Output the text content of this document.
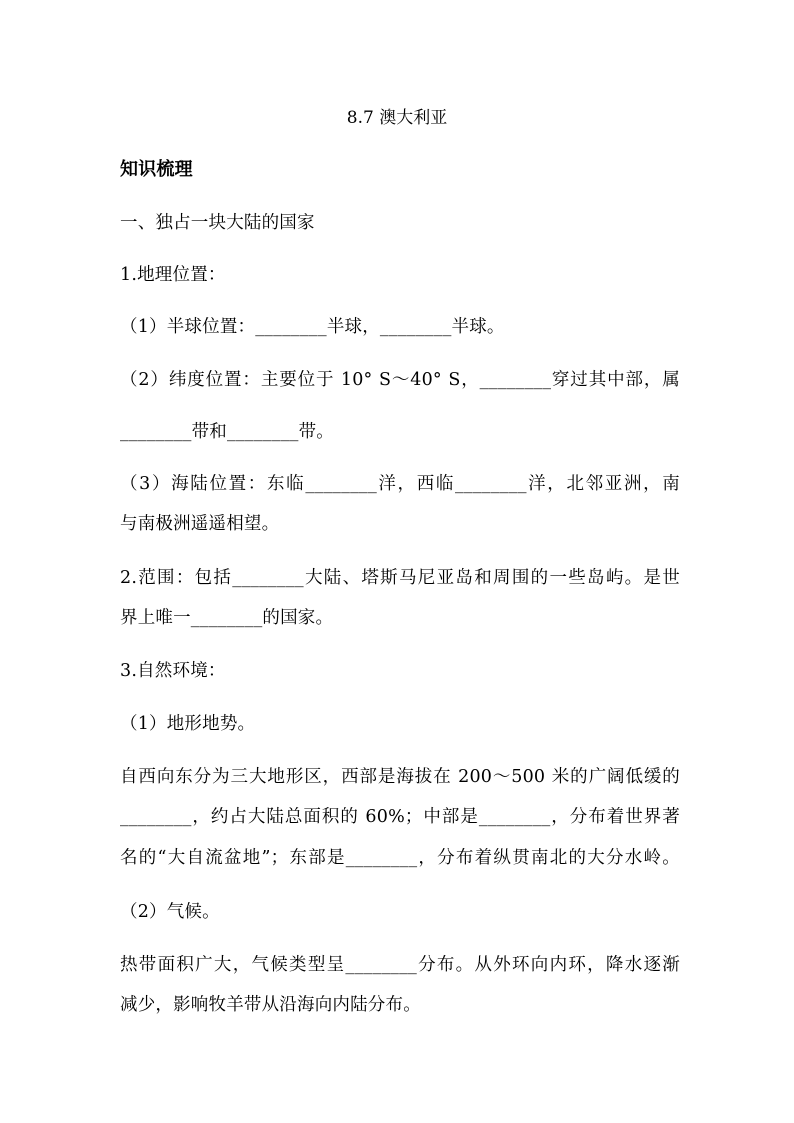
8.7 澳大利亚
知识梳理
一、独占一块大陆的国家
1.地理位置：
（1）半球位置：________半球，________半球。
（2）纬度位置：主要位于 10° S～40° S，________穿过其中部，属
________带和________带。
（3）海陆位置：东临________洋，西临________洋，北邻亚洲，南
与南极洲遥遥相望。
2.范围：包括________大陆、塔斯马尼亚岛和周围的一些岛屿。是世
界上唯一________的国家。
3.自然环境：
（1）地形地势。
自西向东分为三大地形区，西部是海拔在 200～500 米的广阔低缓的
________，约占大陆总面积的 60%；中部是________，分布着世界著
名的“大自流盆地”；东部是________，分布着纵贯南北的大分水岭。
（2）气候。
热带面积广大，气候类型呈________分布。从外环向内环，降水逐渐
减少，影响牧羊带从沿海向内陆分布。
